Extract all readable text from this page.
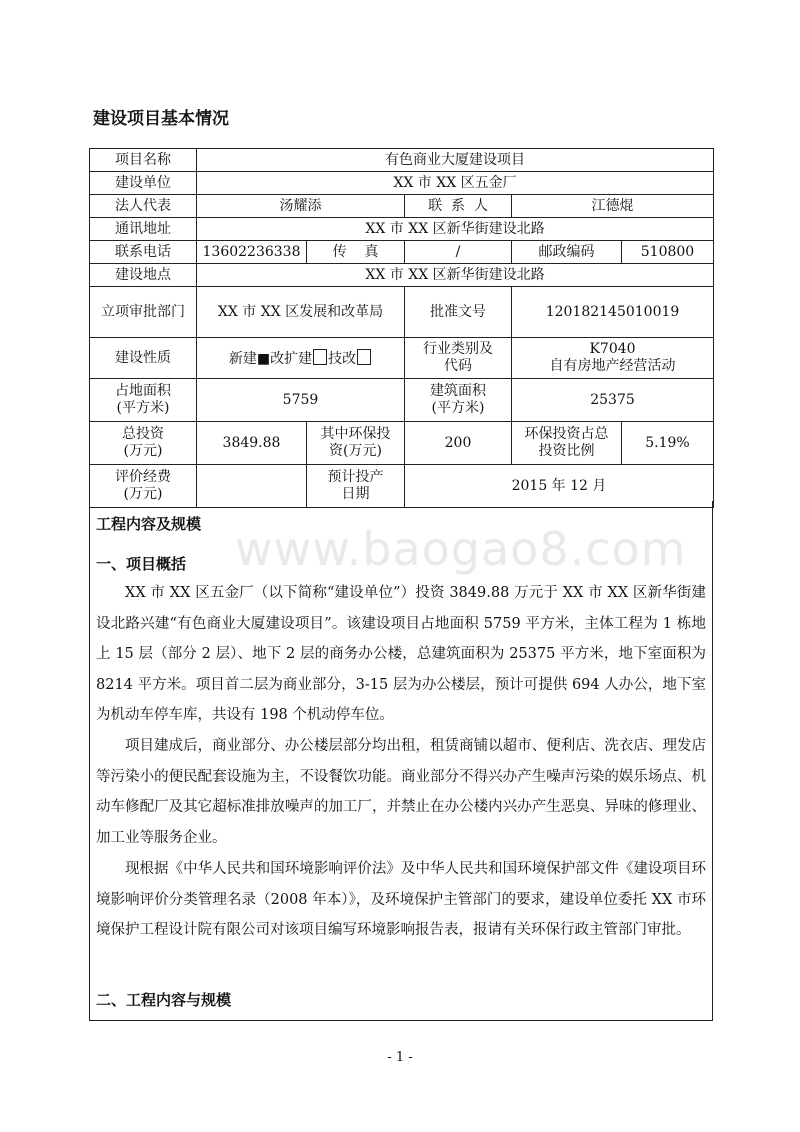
建设项目基本情况
项目名称	有色商业大厦建设项目				
建设单位	XX 市 XX 区五金厂				
法人代表	汤耀添		联  系  人	江德焜	
通讯地址	XX 市 XX 区新华街建设北路				
联系电话	13602236338	传    真	/	邮政编码	510800
建设地点	XX 市 XX 区新华街建设北路				
立项审批部门	XX 市 XX 区发展和改革局		批准文号	120182145010019	
建设性质	新建■改扩建 技改		行业类别及代码	K7040
自有房地产经营活动	

占地面积(平方米)	5759		建筑面积(平方米)	25375	
总投资(万元)	3849.88	其中环保投资(万元)	200	环保投资占总投资比例	5.19%
评价经费(万元)		预计投产日期	2015 年 12 月		
工程内容及规模
一、项目概括

XX 市 XX 区五金厂（以下简称“建设单位”）投资 3849.88 万元于 XX 市 XX 区新华街建设北路兴建“有色商业大厦建设项目”。该建设项目占地面积 5759 平方米，主体工程为 1 栋地上 15 层（部分 2 层）、地下 2 层的商务办公楼，总建筑面积为 25375 平方米，地下室面积为 8214 平方米。项目首二层为商业部分，3-15 层为办公楼层，预计可提供 694 人办公，地下室为机动车停车库，共设有 198 个机动停车位。

项目建成后，商业部分、办公楼层部分均出租，租赁商铺以超市、便利店、洗衣店、理发店等污染小的便民配套设施为主，不设餐饮功能。商业部分不得兴办产生噪声污染的娱乐场点、机动车修配厂及其它超标准排放噪声的加工厂，并禁止在办公楼内兴办产生恶臭、异味的修理业、加工业等服务企业。

现根据《中华人民共和国环境影响评价法》及中华人民共和国环境保护部文件《建设项目环境影响评价分类管理名录（2008 年本）》，及环境保护主管部门的要求，建设单位委托 XX 市环境保护工程设计院有限公司对该项目编写环境影响报告表，报请有关环保行政主管部门审批。

二、工程内容与规模
www.baogao8.com
- 1 -
